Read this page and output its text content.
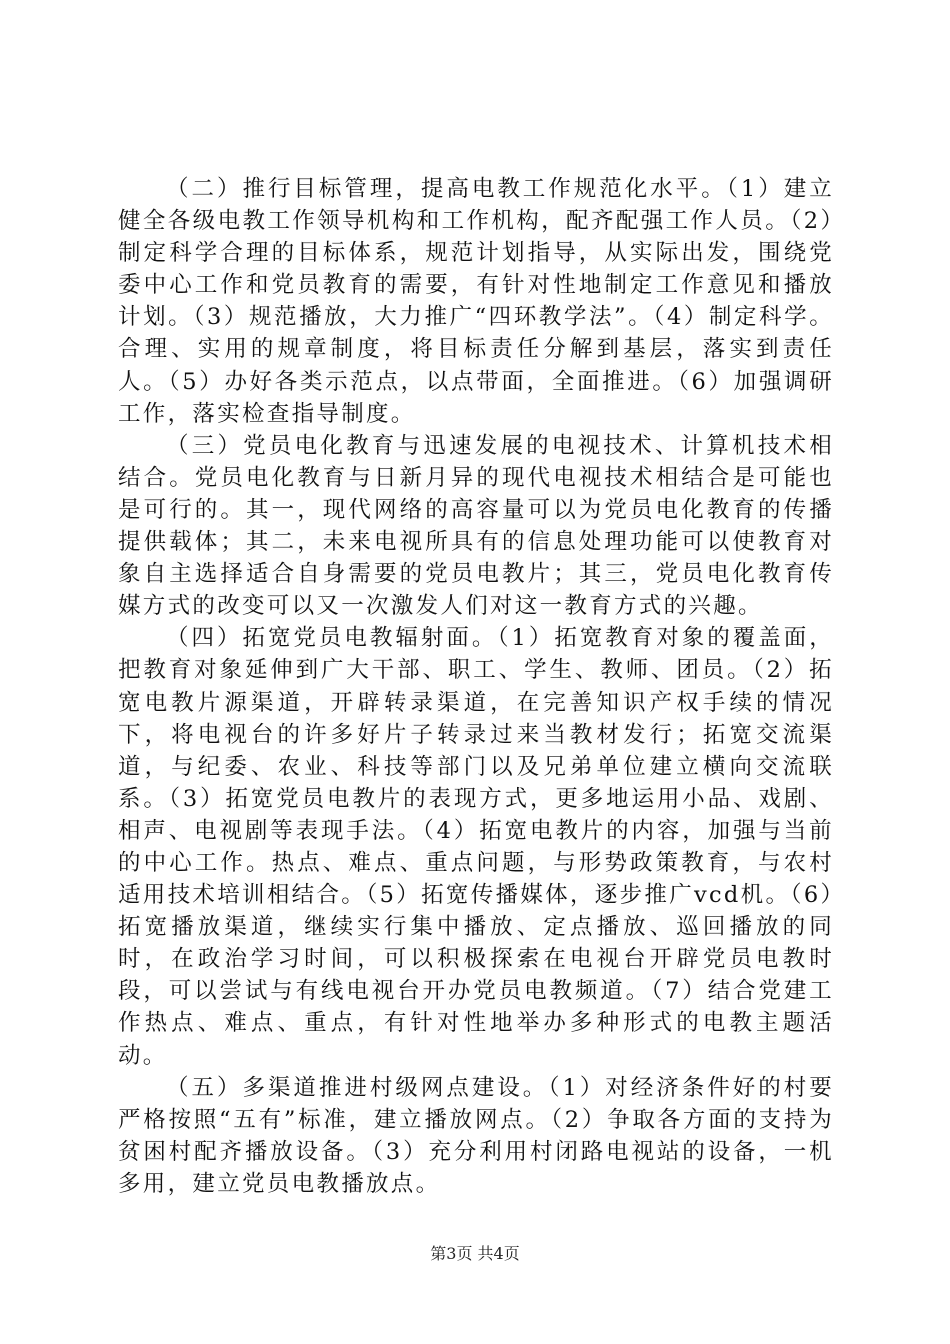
（二）推行目标管理，提高电教工作规范化水平。（1）建立健全各级电教工作领导机构和工作机构，配齐配强工作人员。（2）制定科学合理的目标体系，规范计划指导，从实际出发，围绕党委中心工作和党员教育的需要，有针对性地制定工作意见和播放计划。（3）规范播放，大力推广“四环教学法”。（4）制定科学。合理、实用的规章制度，将目标责任分解到基层，落实到责任人。（5）办好各类示范点，以点带面，全面推进。（6）加强调研工作，落实检查指导制度。

（三）党员电化教育与迅速发展的电视技术、计算机技术相结合。党员电化教育与日新月异的现代电视技术相结合是可能也是可行的。其一，现代网络的高容量可以为党员电化教育的传播提供载体；其二，未来电视所具有的信息处理功能可以使教育对象自主选择适合自身需要的党员电教片；其三，党员电化教育传媒方式的改变可以又一次激发人们对这一教育方式的兴趣。

（四）拓宽党员电教辐射面。（1）拓宽教育对象的覆盖面，把教育对象延伸到广大干部、职工、学生、教师、团员。（2）拓宽电教片源渠道，开辟转录渠道，在完善知识产权手续的情况下，将电视台的许多好片子转录过来当教材发行；拓宽交流渠道，与纪委、农业、科技等部门以及兄弟单位建立横向交流联系。（3）拓宽党员电教片的表现方式，更多地运用小品、戏剧、相声、电视剧等表现手法。（4）拓宽电教片的内容，加强与当前的中心工作。热点、难点、重点问题，与形势政策教育，与农村适用技术培训相结合。（5）拓宽传播媒体，逐步推广vcd机。（6）拓宽播放渠道，继续实行集中播放、定点播放、巡回播放的同时，在政治学习时间，可以积极探索在电视台开辟党员电教时段，可以尝试与有线电视台开办党员电教频道。（7）结合党建工作热点、难点、重点，有针对性地举办多种形式的电教主题活动。

（五）多渠道推进村级网点建设。（1）对经济条件好的村要严格按照“五有”标准，建立播放网点。（2）争取各方面的支持为贫困村配齐播放设备。（3）充分利用村闭路电视站的设备，一机多用，建立党员电教播放点。

第3页 共4页
